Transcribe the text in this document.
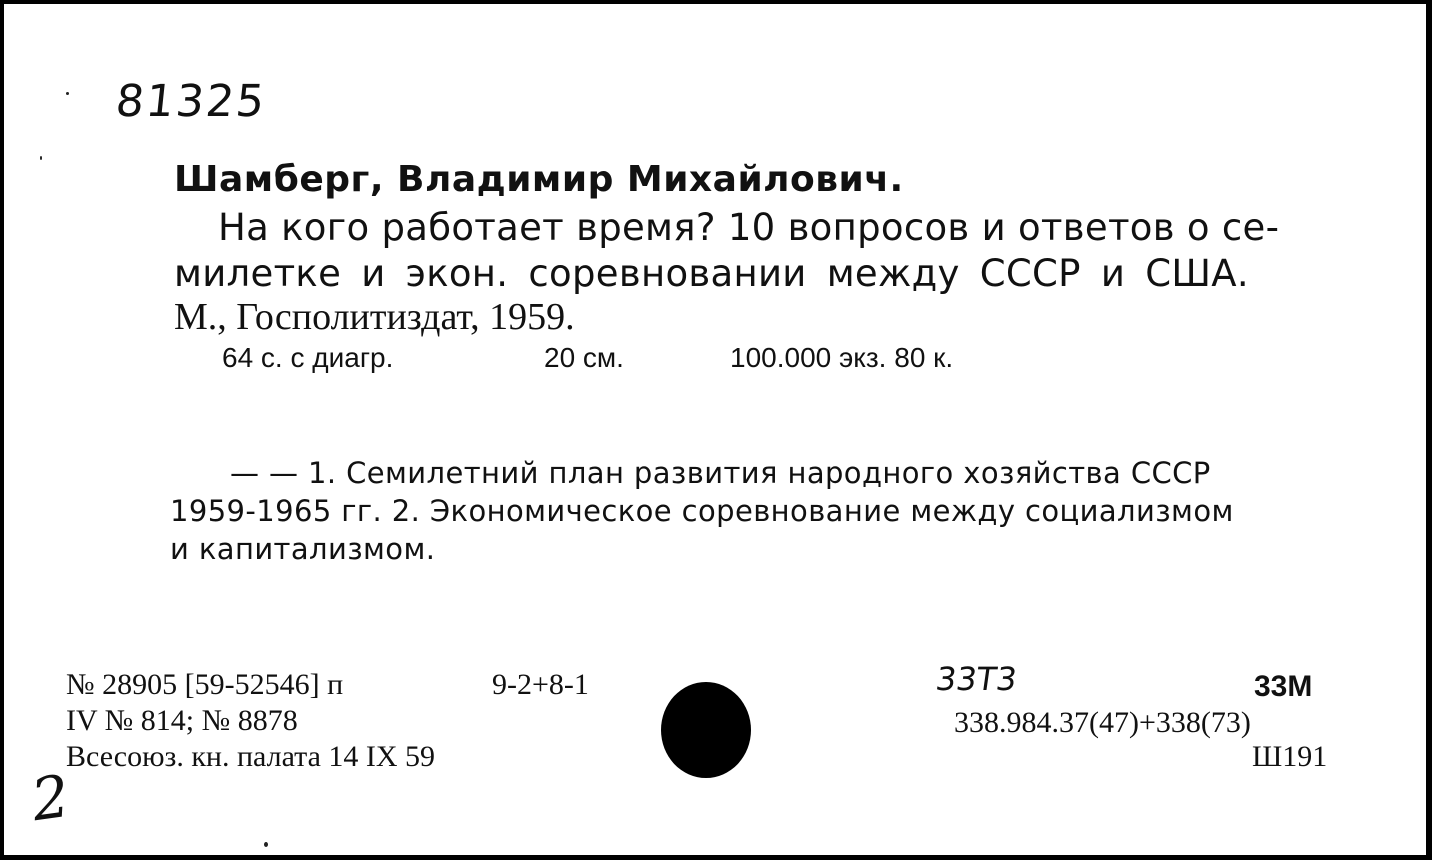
81325
Шамберг, Владимир Михайлович.
На кого работает время? 10 вопросов и ответов о се-
милетке и экон. соревновании между СССР и США.
М., Госполитиздат, 1959.
64 с. с диагр.	20 см.	100.000 экз. 80 к.
— — 1. Семилетний план развития народного хозяйства СССР
1959-1965 гг. 2. Экономическое соревнование между социализмом
и капитализмом.
№ 28905 [59-52546] п	9-2+8-1
IV № 814; № 8878
Всесоюз. кн. палата 14 IX 59
33Т3	33М
338.984.37(47)+338(73)
Ш191
2
